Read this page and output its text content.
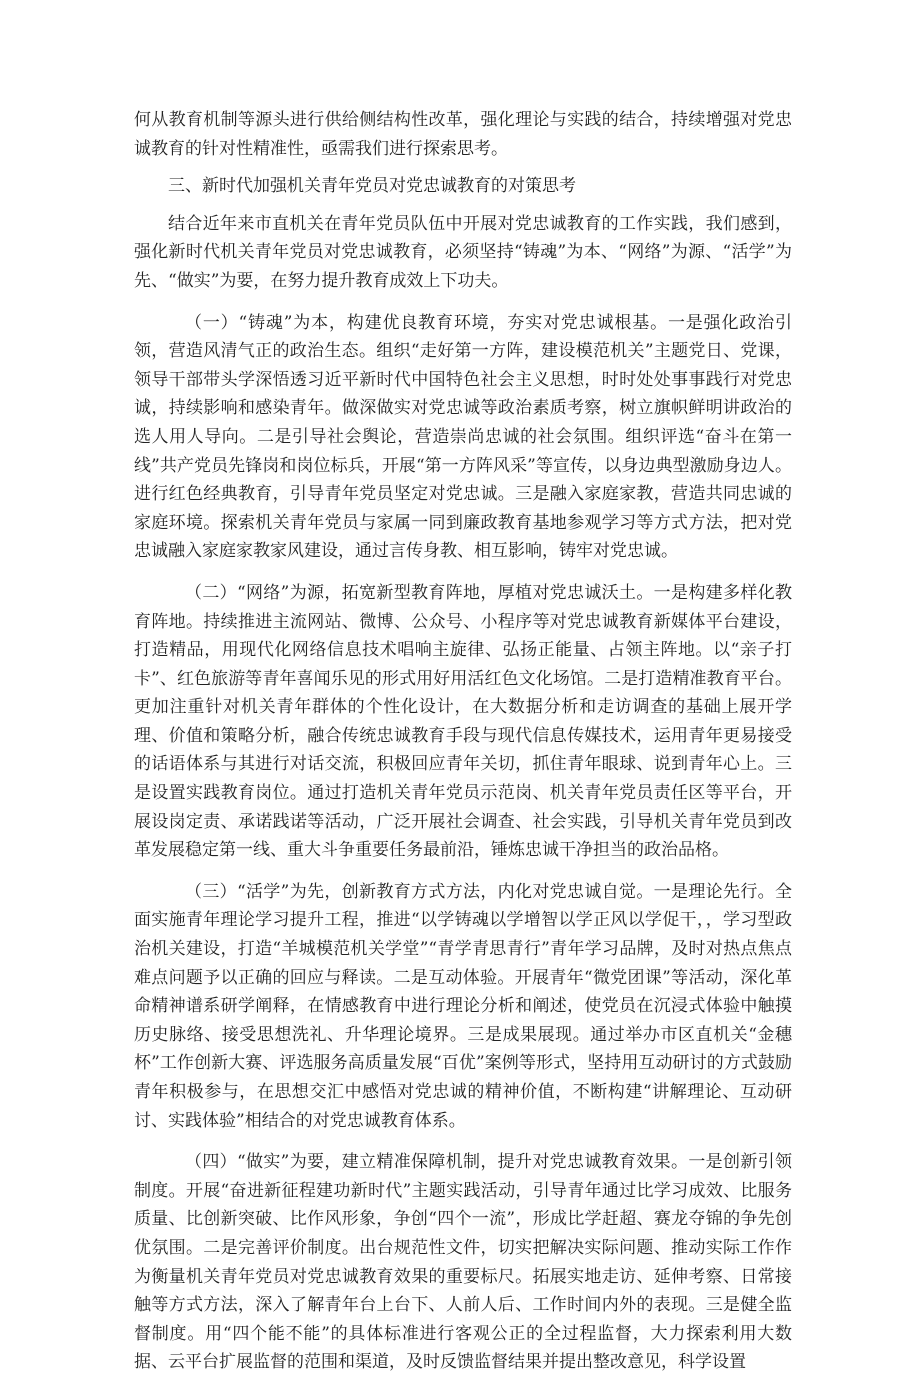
何从教育机制等源头进行供给侧结构性改革，强化理论与实践的结合，持续增强对党忠诚教育的针对性精准性，亟需我们进行探索思考。

三、新时代加强机关青年党员对党忠诚教育的对策思考

结合近年来市直机关在青年党员队伍中开展对党忠诚教育的工作实践，我们感到，强化新时代机关青年党员对党忠诚教育，必须坚持“铸魂”为本、“网络”为源、“活学”为先、“做实”为要，在努力提升教育成效上下功夫。

（一）“铸魂”为本，构建优良教育环境，夯实对党忠诚根基。一是强化政治引领，营造风清气正的政治生态。组织“走好第一方阵，建设模范机关”主题党日、党课，领导干部带头学深悟透习近平新时代中国特色社会主义思想，时时处处事事践行对党忠诚，持续影响和感染青年。做深做实对党忠诚等政治素质考察，树立旗帜鲜明讲政治的选人用人导向。二是引导社会舆论，营造崇尚忠诚的社会氛围。组织评选“奋斗在第一线”共产党员先锋岗和岗位标兵，开展“第一方阵风采”等宣传，以身边典型激励身边人。进行红色经典教育，引导青年党员坚定对党忠诚。三是融入家庭家教，营造共同忠诚的家庭环境。探索机关青年党员与家属一同到廉政教育基地参观学习等方式方法，把对党忠诚融入家庭家教家风建设，通过言传身教、相互影响，铸牢对党忠诚。

（二）“网络”为源，拓宽新型教育阵地，厚植对党忠诚沃土。一是构建多样化教育阵地。持续推进主流网站、微博、公众号、小程序等对党忠诚教育新媒体平台建设，打造精品，用现代化网络信息技术唱响主旋律、弘扬正能量、占领主阵地。以“亲子打卡”、红色旅游等青年喜闻乐见的形式用好用活红色文化场馆。二是打造精准教育平台。更加注重针对机关青年群体的个性化设计，在大数据分析和走访调查的基础上展开学理、价值和策略分析，融合传统忠诚教育手段与现代信息传媒技术，运用青年更易接受的话语体系与其进行对话交流，积极回应青年关切，抓住青年眼球、说到青年心上。三是设置实践教育岗位。通过打造机关青年党员示范岗、机关青年党员责任区等平台，开展设岗定责、承诺践诺等活动，广泛开展社会调查、社会实践，引导机关青年党员到改革发展稳定第一线、重大斗争重要任务最前沿，锤炼忠诚干净担当的政治品格。

（三）“活学”为先，创新教育方式方法，内化对党忠诚自觉。一是理论先行。全面实施青年理论学习提升工程，推进“以学铸魂以学增智以学正风以学促干，，学习型政治机关建设，打造“羊城模范机关学堂”“青学青思青行”青年学习品牌，及时对热点焦点难点问题予以正确的回应与释读。二是互动体验。开展青年“微党团课”等活动，深化革命精神谱系研学阐释，在情感教育中进行理论分析和阐述，使党员在沉浸式体验中触摸历史脉络、接受思想洗礼、升华理论境界。三是成果展现。通过举办市区直机关“金穗杯”工作创新大赛、评选服务高质量发展“百优”案例等形式，坚持用互动研讨的方式鼓励青年积极参与，在思想交汇中感悟对党忠诚的精神价值，不断构建“讲解理论、互动研讨、实践体验”相结合的对党忠诚教育体系。

（四）“做实”为要，建立精准保障机制，提升对党忠诚教育效果。一是创新引领制度。开展“奋进新征程建功新时代”主题实践活动，引导青年通过比学习成效、比服务质量、比创新突破、比作风形象，争创“四个一流”，形成比学赶超、赛龙夺锦的争先创优氛围。二是完善评价制度。出台规范性文件，切实把解决实际问题、推动实际工作作为衡量机关青年党员对党忠诚教育效果的重要标尺。拓展实地走访、延伸考察、日常接触等方式方法，深入了解青年台上台下、人前人后、工作时间内外的表现。三是健全监督制度。用“四个能不能”的具体标准进行客观公正的全过程监督，大力探索利用大数据、云平台扩展监督的范围和渠道，及时反馈监督结果并提出整改意见，科学设置
